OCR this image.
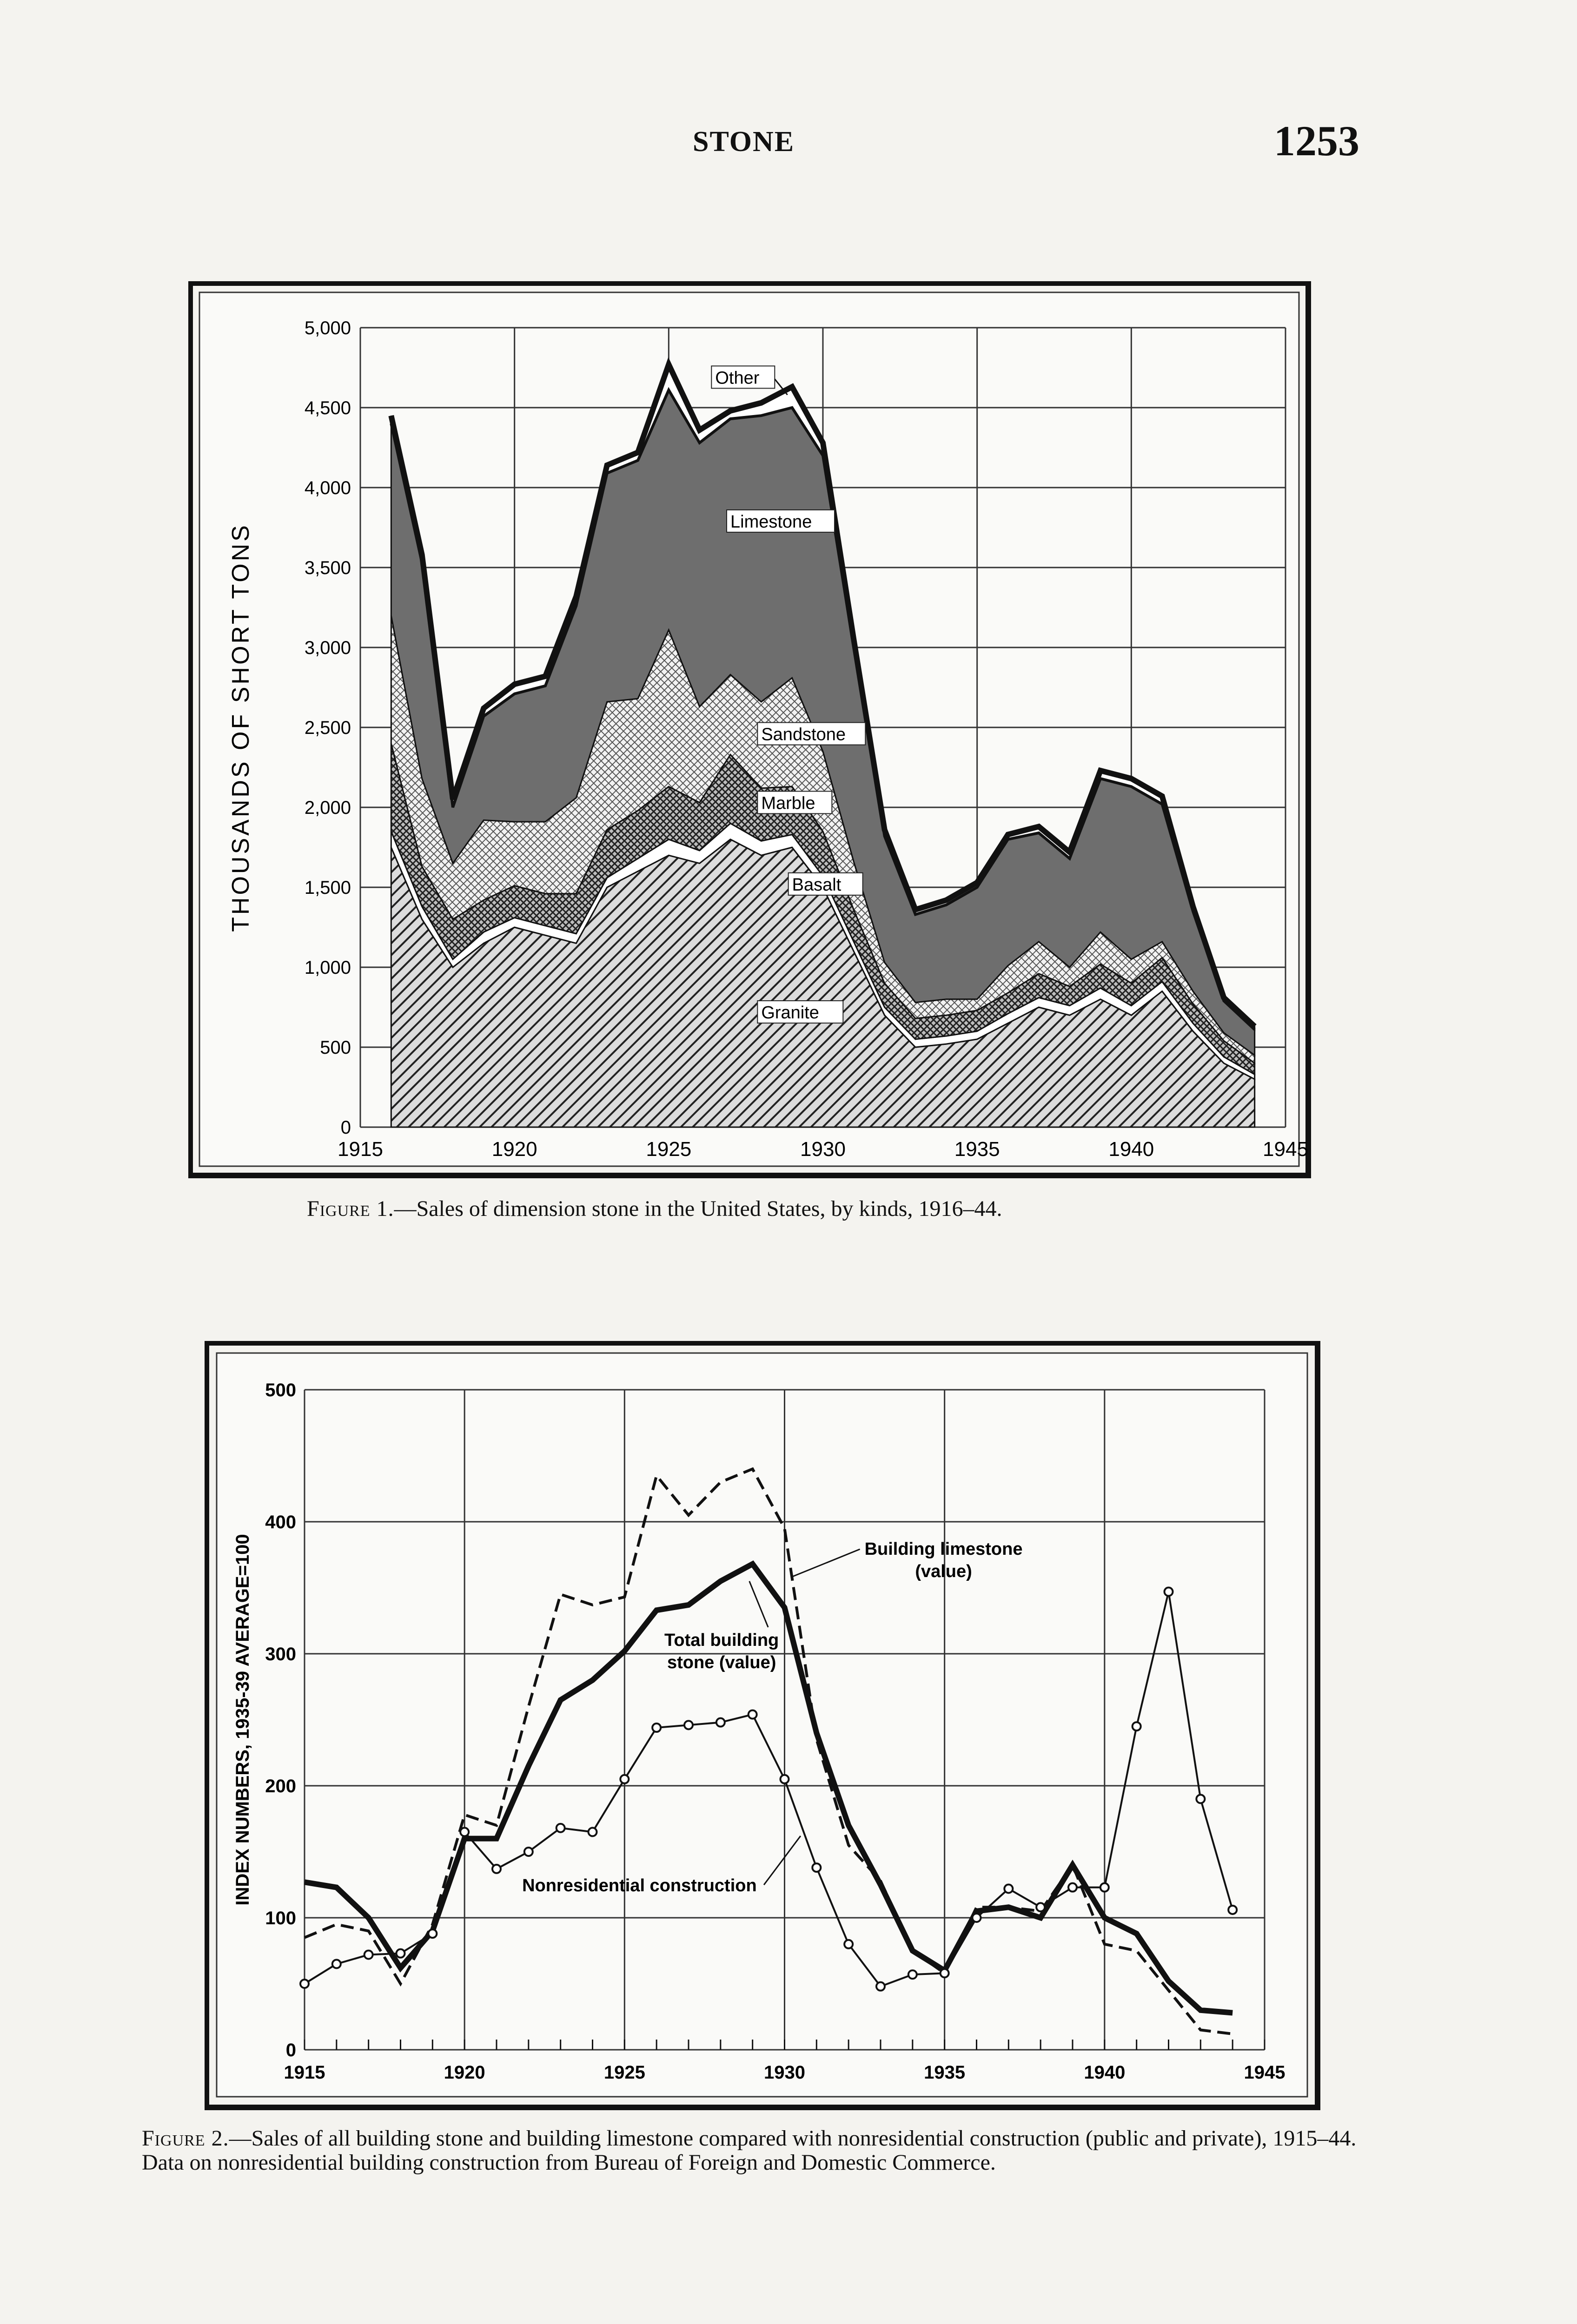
STONE	1253
0
500
1,000
1,500
2,000
2,500
3,000
3,500
4,000
4,500
5,000
1915	1920	1925	1930	1935	1940	1945
THOUSANDS OF SHORT TONS
Other
Limestone
Sandstone
Marble
Basalt
Granite
Figure 1.—Sales of dimension stone in the United States, by kinds, 1916–44.
0
100
200
300
400
500
1915	1920	1925	1930	1935	1940	1945
INDEX NUMBERS, 1935-39 AVERAGE=100	Building limestone
(value)
Total building
stone (value)
Nonresidential construction
Figure 2.—Sales of all building stone and building limestone compared with nonresidential construction (public and private), 1915–44. Data on nonresidential building construction from Bureau of Foreign and Domestic Commerce.
